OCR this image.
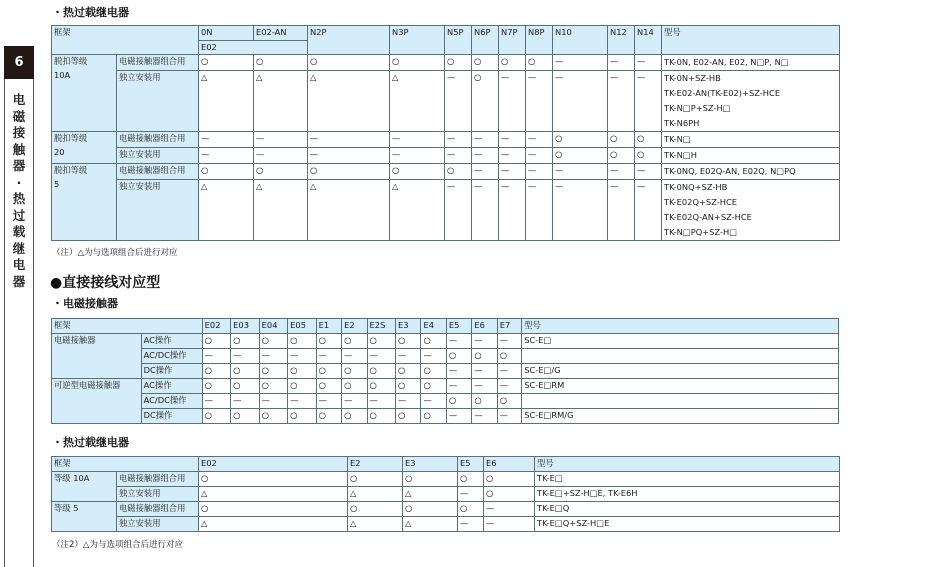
6
电磁接触器·热过载继电器
・热过载继电器
框架		0N	E02-AN	N2P	N3P	N5P	N6P	N7P	N8P	N10	N12	N14	型号
		E02											

脱扣等级
10A	电磁接触器组合用	○	○	○	○	○	○	○	○	—	—	—	TK-0N, E02-AN, E02, N□P, N□

	独立安装用	△	△	△	△	—	○	—	—	—	—	—	TK-0N+SZ-HB
TK-E02-AN(TK-E02)+SZ-HCE
TK-N□P+SZ-H□
TK-N6PH

脱扣等级
20	电磁接触器组合用	—	—	—	—	—	—	—	—	○	○	○	TK-N□

	独立安装用	—	—	—	—	—	—	—	—	○	○	○	TK-N□H

脱扣等级
5	电磁接触器组合用	○	○	○	○	○	—	—	—	—	—	—	TK-0NQ, E02Q-AN, E02Q, N□PQ

	独立安装用	△	△	△	△	—	—	—	—	—	—	—	TK-0NQ+SZ-HB
TK-E02Q+SZ-HCE
TK-E02Q-AN+SZ-HCE
TK-N□PQ+SZ-H□
（注）△为与选项组合后进行对应
●直接接线对应型
・电磁接触器
框架		E02	E03	E04	E05	E1	E2	E2S	E3	E4	E5	E6	E7	型号
电磁接触器	AC操作	○	○	○	○	○	○	○	○	○	—	—	—	SC-E□
	AC/DC操作	—	—	—	—	—	—	—	—	—	○	○	○	
	DC操作	○	○	○	○	○	○	○	○	○	—	—	—	SC-E□/G
可逆型电磁接触器	AC操作	○	○	○	○	○	○	○	○	○	—	—	—	SC-E□RM
	AC/DC操作	—	—	—	—	—	—	—	—	—	○	○	○	
	DC操作	○	○	○	○	○	○	○	○	○	—	—	—	SC-E□RM/G
・热过载继电器
框架		E02	E2	E3	E5	E6	型号
等级 10A	电磁接触器组合用	○	○	○	○	○	TK-E□
	独立安装用	△	△	△	—	○	TK-E□+SZ-H□E, TK-E6H
等级 5	电磁接触器组合用	○	○	○	○	—	TK-E□Q
	独立安装用	△	△	△	—	—	TK-E□Q+SZ-H□E
（注2）△为与选项组合后进行对应
